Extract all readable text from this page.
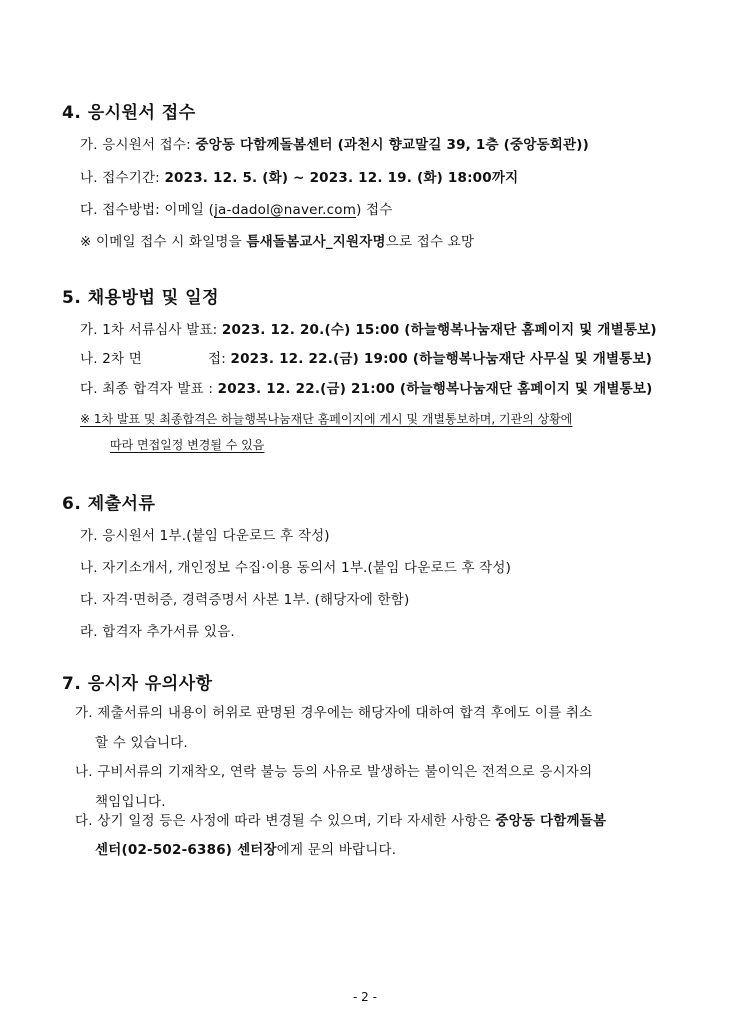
4. 응시원서 접수
가. 응시원서 접수: 중앙동 다함께돌봄센터 (과천시 향교말길 39, 1층 (중앙동회관))
나. 접수기간: 2023. 12. 5. (화) ~ 2023. 12. 19. (화) 18:00까지
다. 접수방법: 이메일 (ja-dadol@naver.com) 접수
※ 이메일 접수 시 화일명을 틈새돌봄교사_지원자명으로 접수 요망
5. 채용방법 및 일정
가. 1차 서류심사 발표: 2023. 12. 20.(수) 15:00 (하늘행복나눔재단 홈페이지 및 개별통보)
나. 2차 면	접: 2023. 12. 22.(금) 19:00 (하늘행복나눔재단 사무실 및 개별통보)
다. 최종 합격자 발표 : 2023. 12. 22.(금) 21:00 (하늘행복나눔재단 홈페이지 및 개별통보)
※ 1차 발표 및 최종합격은 하늘행복나눔재단 홈페이지에 게시 및 개별통보하며, 기관의 상황에
따라 면접일정 변경될 수 있음
6. 제출서류
가. 응시원서 1부.(붙임 다운로드 후 작성)
나. 자기소개서, 개인정보 수집·이용 동의서 1부.(붙임 다운로드 후 작성)
다. 자격·면허증, 경력증명서 사본 1부. (해당자에 한함)
라. 합격자 추가서류 있음.
7. 응시자 유의사항
가. 제출서류의 내용이 허위로 판명된 경우에는 해당자에 대하여 합격 후에도 이를 취소
할 수 있습니다.
나. 구비서류의 기재착오, 연락 불능 등의 사유로 발생하는 불이익은 전적으로 응시자의
책임입니다.
다. 상기 일정 등은 사정에 따라 변경될 수 있으며, 기타 자세한 사항은 중앙동 다함께돌봄
센터(02-502-6386) 센터장에게 문의 바랍니다.
- 2 -
